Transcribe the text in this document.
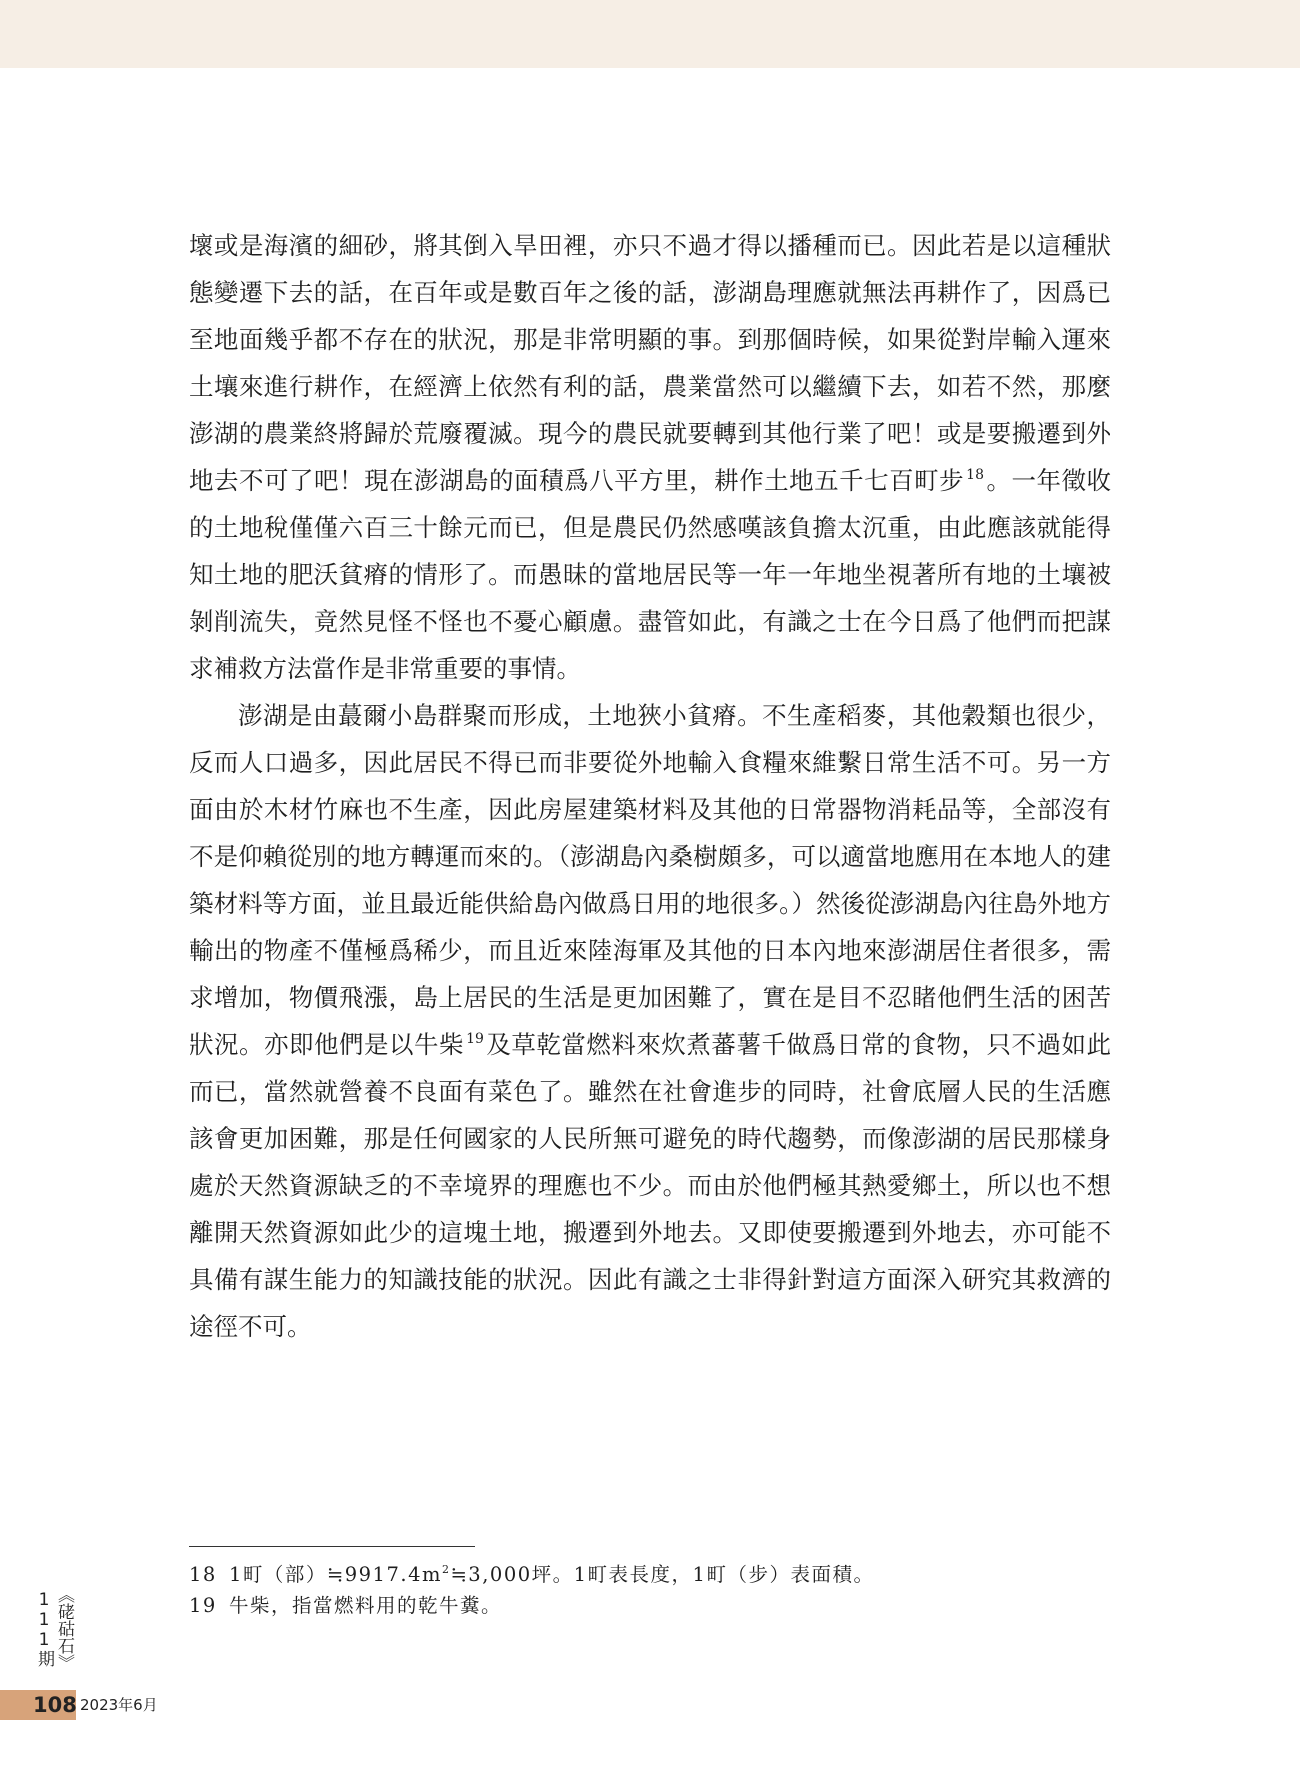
壞或是海濱的細砂，將其倒入旱田裡，亦只不過才得以播種而已。因此若是以這種狀態變遷下去的話，在百年或是數百年之後的話，澎湖島理應就無法再耕作了，因爲已至地面幾乎都不存在的狀況，那是非常明顯的事。到那個時候，如果從對岸輸入運來土壤來進行耕作，在經濟上依然有利的話，農業當然可以繼續下去，如若不然，那麼澎湖的農業終將歸於荒廢覆滅。現今的農民就要轉到其他行業了吧！或是要搬遷到外地去不可了吧！現在澎湖島的面積爲八平方里，耕作土地五千七百町步 $^{18}$。一年徵收的土地稅僅僅六百三十餘元而已，但是農民仍然感嘆該負擔太沉重，由此應該就能得知土地的肥沃貧瘠的情形了。而愚昧的當地居民等一年一年地坐視著所有地的土壤被剝削流失，竟然見怪不怪也不憂心顧慮。盡管如此，有識之士在今日爲了他們而把謀求補救方法當作是非常重要的事情。
澎湖是由蕞爾小島群聚而形成，土地狹小貧瘠。不生產稻麥，其他穀類也很少，反而人口過多，因此居民不得已而非要從外地輸入食糧來維繫日常生活不可。另一方面由於木材竹麻也不生產，因此房屋建築材料及其他的日常器物消耗品等，全部沒有不是仰賴從別的地方轉運而來的。（澎湖島內桑樹頗多，可以適當地應用在本地人的建築材料等方面，並且最近能供給島內做爲日用的地很多。）然後從澎湖島內往島外地方輸出的物產不僅極爲稀少，而且近來陸海軍及其他的日本內地來澎湖居住者很多，需求增加，物價飛漲，島上居民的生活是更加困難了，實在是目不忍睹他們生活的困苦狀況。亦即他們是以牛柴 $^{19}$及草乾當燃料來炊煮蕃薯千做爲日常的食物，只不過如此而已，當然就營養不良面有菜色了。雖然在社會進步的同時，社會底層人民的生活應該會更加困難，那是任何國家的人民所無可避免的時代趨勢，而像澎湖的居民那樣身處於天然資源缺乏的不幸境界的理應也不少。而由於他們極其熱愛鄉土，所以也不想離開天然資源如此少的這塊土地，搬遷到外地去。又即使要搬遷到外地去，亦可能不具備有謀生能力的知識技能的狀況。因此有識之士非得針對這方面深入研究其救濟的途徑不可。
18 1町（部）$≒9917.4m^2≒3,000$坪。1町表長度，1町（步）表面積。
19 牛柴，指當燃料用的乾牛糞。
《硓𥑮石》111期
108 2023年6月
